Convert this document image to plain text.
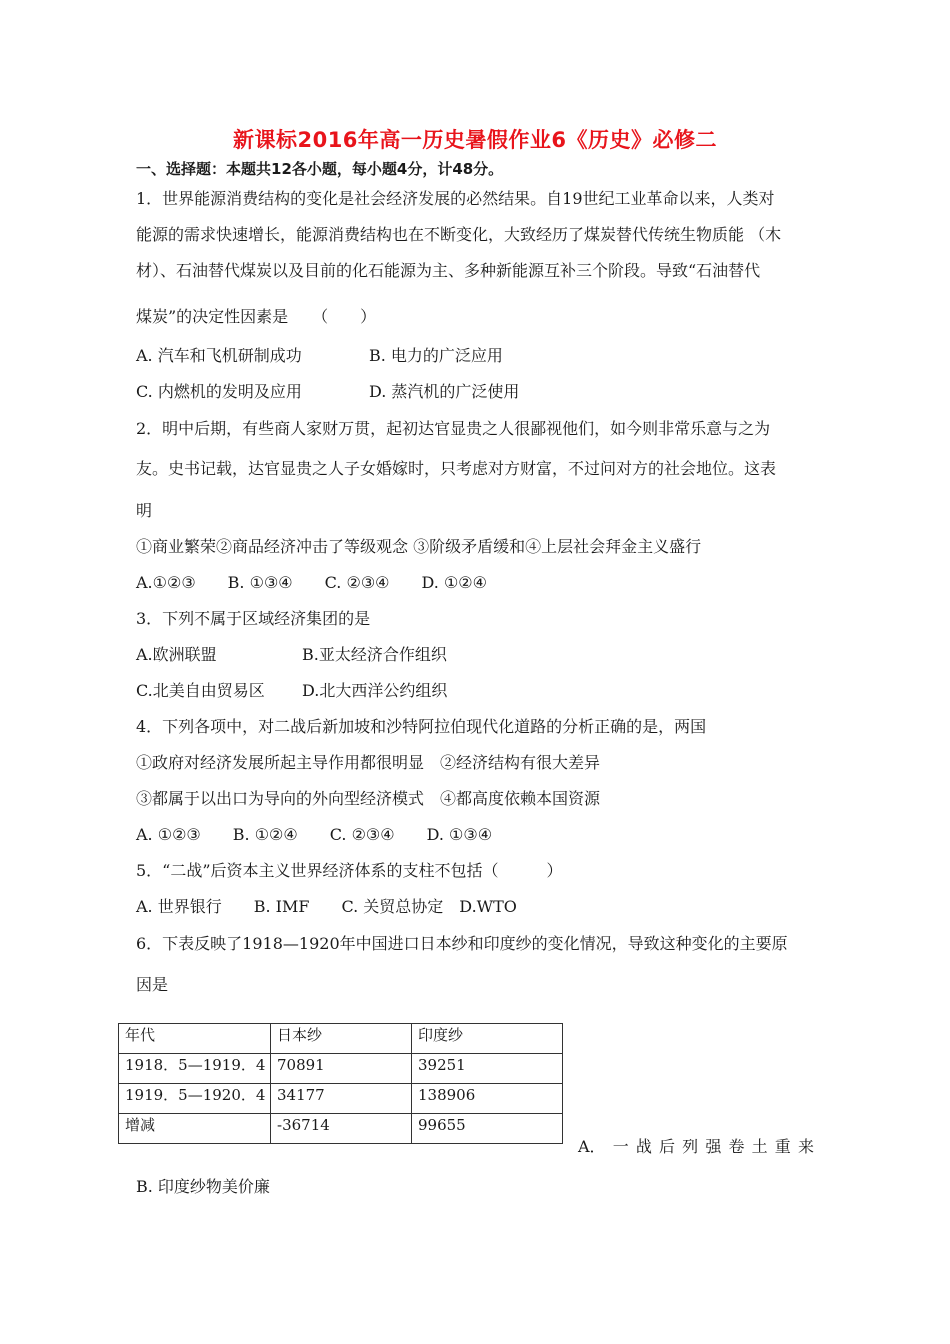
新课标2016年高一历史暑假作业6《历史》必修二
一、选择题：本题共12各小题，每小题4分，计48分。
1．世界能源消费结构的变化是社会经济发展的必然结果。自19世纪工业革命以来，人类对
能源的需求快速增长，能源消费结构也在不断变化，大致经历了煤炭替代传统生物质能 （木
材）、石油替代煤炭以及目前的化石能源为主、多种新能源互补三个阶段。导致“石油替代
煤炭”的决定性因素是　　（　　）
A. 汽车和飞机研制成功	B. 电力的广泛应用
C. 内燃机的发明及应用	D. 蒸汽机的广泛使用
2．明中后期，有些商人家财万贯，起初达官显贵之人很鄙视他们，如今则非常乐意与之为
友。史书记载，达官显贵之人子女婚嫁时，只考虑对方财富，不过问对方的社会地位。这表
明
①商业繁荣②商品经济冲击了等级观念 ③阶级矛盾缓和④上层社会拜金主义盛行
A.①②③　　B. ①③④　　C. ②③④　　D. ①②④
3．下列不属于区域经济集团的是
A.欧洲联盟	B.亚太经济合作组织
C.北美自由贸易区 D.北大西洋公约组织
4．下列各项中，对二战后新加坡和沙特阿拉伯现代化道路的分析正确的是，两国
①政府对经济发展所起主导作用都很明显　②经济结构有很大差异
③都属于以出口为导向的外向型经济模式　④都高度依赖本国资源
A. ①②③　　B. ①②④　　C. ②③④　　D. ①③④
5．“二战”后资本主义世界经济体系的支柱不包括（　　　）
A. 世界银行　　B. IMF　　C. 关贸总协定　D.WTO
6．下表反映了1918—1920年中国进口日本纱和印度纱的变化情况，导致这种变化的主要原
因是
年代	日本纱	印度纱
1918．5—1919．4	70891	39251
1919．5—1920．4	34177	138906
增减	-36714	99655
A． 一 战 后 列 强 卷 土 重 来
B. 印度纱物美价廉
